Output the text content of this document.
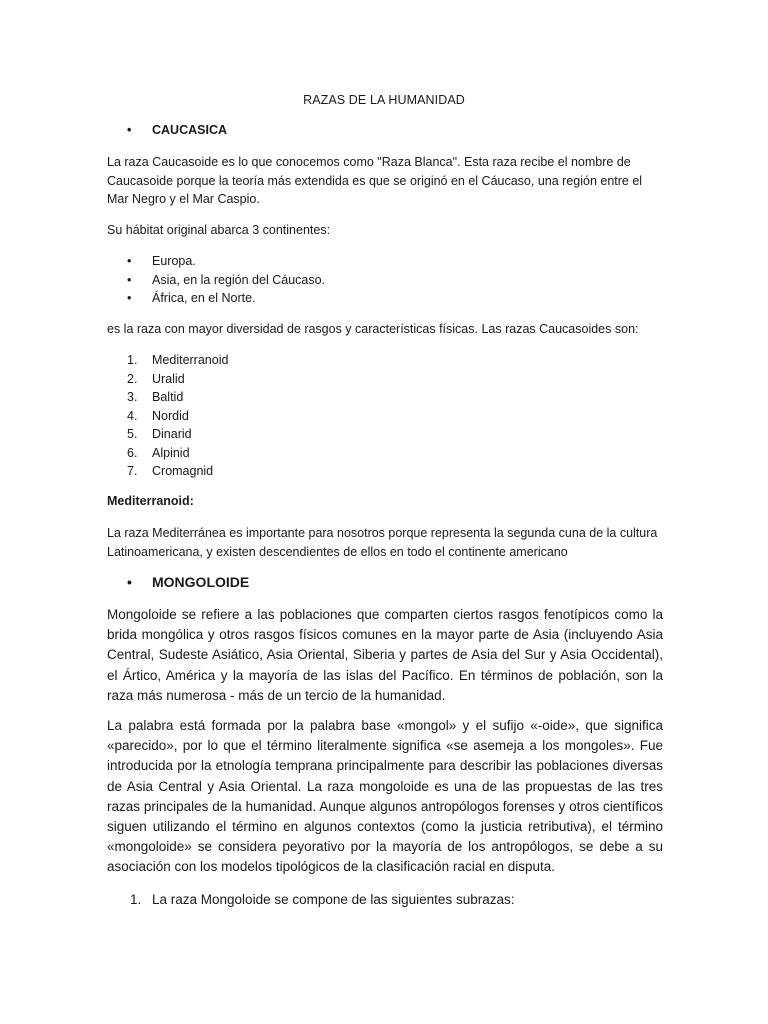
RAZAS DE LA HUMANIDAD
• CAUCASICA
La raza Caucasoide es lo que conocemos como "Raza Blanca". Esta raza recibe el nombre de Caucasoide porque la teoría más extendida es que se originó en el Cáucaso, una región entre el Mar Negro y el Mar Caspio.
Su hábitat original abarca 3 continentes:
• Europa.
• Asia, en la región del Cáucaso.
• África, en el Norte.
es la raza con mayor diversidad de rasgos y características físicas. Las razas Caucasoides son:
1. Mediterranoid
2. Uralid
3. Baltid
4. Nordid
5. Dinarid
6. Alpinid
7. Cromagnid
Mediterranoid:
La raza Mediterránea es importante para nosotros porque representa la segunda cuna de la cultura Latinoamericana, y existen descendientes de ellos en todo el continente americano
• MONGOLOIDE
Mongoloide se refiere a las poblaciones que comparten ciertos rasgos fenotípicos como la brida mongólica y otros rasgos físicos comunes en la mayor parte de Asia (incluyendo Asia Central, Sudeste Asiático, Asia Oriental, Siberia y partes de Asia del Sur y Asia Occidental), el Ártico, América y la mayoría de las islas del Pacífico. En términos de población, son la raza más numerosa - más de un tercio de la humanidad.
La palabra está formada por la palabra base «mongol» y el sufijo «-oide», que significa «parecido», por lo que el término literalmente significa «se asemeja a los mongoles». Fue introducida por la etnología temprana principalmente para describir las poblaciones diversas de Asia Central y Asia Oriental. La raza mongoloide es una de las propuestas de las tres razas principales de la humanidad. Aunque algunos antropólogos forenses y otros científicos siguen utilizando el término en algunos contextos (como la justicia retributiva), el término «mongoloide» se considera peyorativo por la mayoría de los antropólogos, se debe a su asociación con los modelos tipológicos de la clasificación racial en disputa.
1. La raza Mongoloide se compone de las siguientes subrazas:
